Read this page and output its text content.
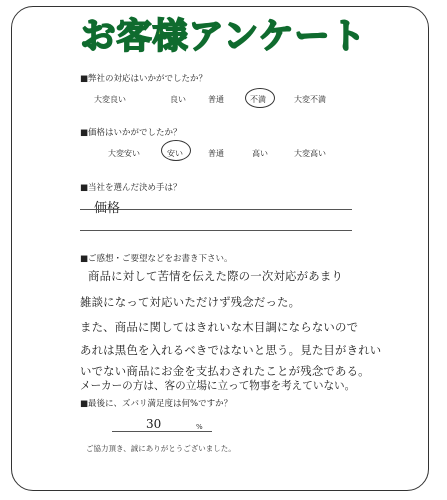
お客様アンケート
■弊社の対応はいかがでしたか？
大変良い	良い	普通	不満	大変不満
■価格はいかがでしたか？
大変安い	安い	普通	高い	大変高い
■当社を選んだ決め手は？
価格
■ご感想・ご要望などをお書き下さい。
商品に対して苦情を伝えた際の一次対応があまり
雑談になって対応いただけず残念だった。
また、商品に関してはきれいな木目調にならないので
あれは黒色を入れるべきではないと思う。見た目がきれい
いでない商品にお金を支払わされたことが残念である。
メーカーの方は、客の立場に立って物事を考えていない。
■最後に、ズバリ満足度は何%ですか？
30	%
ご協力頂き、誠にありがとうございました。
